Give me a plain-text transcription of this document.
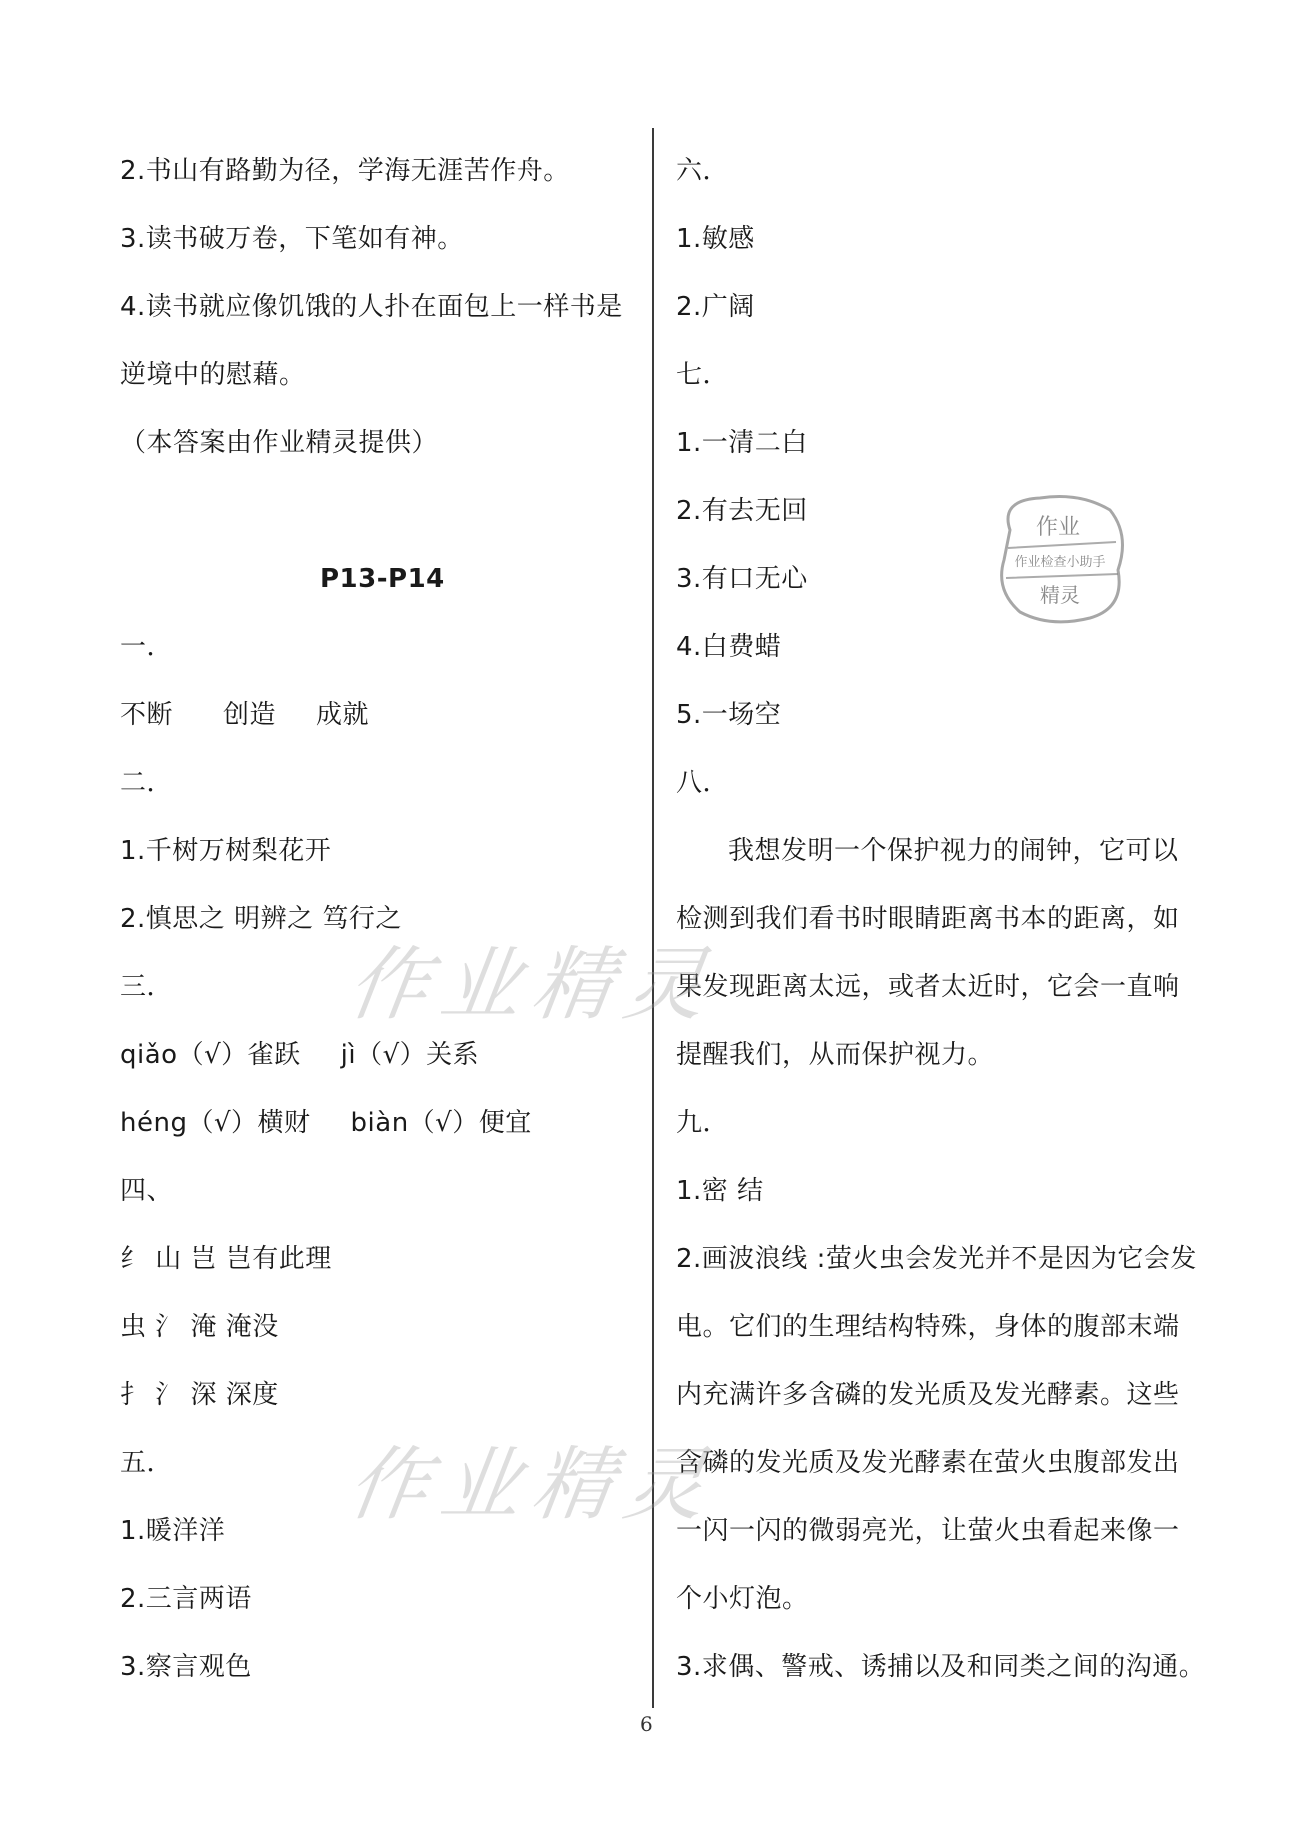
2.书山有路勤为径，学海无涯苦作舟。
3.读书破万卷，下笔如有神。
4.读书就应像饥饿的人扑在面包上一样书是
逆境中的慰藉。
（本答案由作业精灵提供）
P13-P14
一．
不断 创造 成就
二．
1.千树万树梨花开
2.慎思之 明辨之 笃行之
三．
qiǎo（√）雀跃 jì（√）关系
héng（√）横财 biàn（√）便宜
四、
纟 山 岂 岂有此理
虫 氵 淹 淹没
扌 氵 深 深度
五．
1.暖洋洋
2.三言两语
3.察言观色
六．
1.敏感
2.广阔
七．
1.一清二白
2.有去无回
3.有口无心
4.白费蜡
5.一场空
八．
我想发明一个保护视力的闹钟，它可以
检测到我们看书时眼睛距离书本的距离，如
果发现距离太远，或者太近时，它会一直响
提醒我们，从而保护视力。
九．
1.密 结
2.画波浪线 :萤火虫会发光并不是因为它会发
电。它们的生理结构特殊，身体的腹部末端
内充满许多含磷的发光质及发光酵素。这些
含磷的发光质及发光酵素在萤火虫腹部发出
一闪一闪的微弱亮光，让萤火虫看起来像一
个小灯泡。
3.求偶、警戒、诱捕以及和同类之间的沟通。
作业精灵
作业精灵
作业
作业检查小助手
精灵
6
